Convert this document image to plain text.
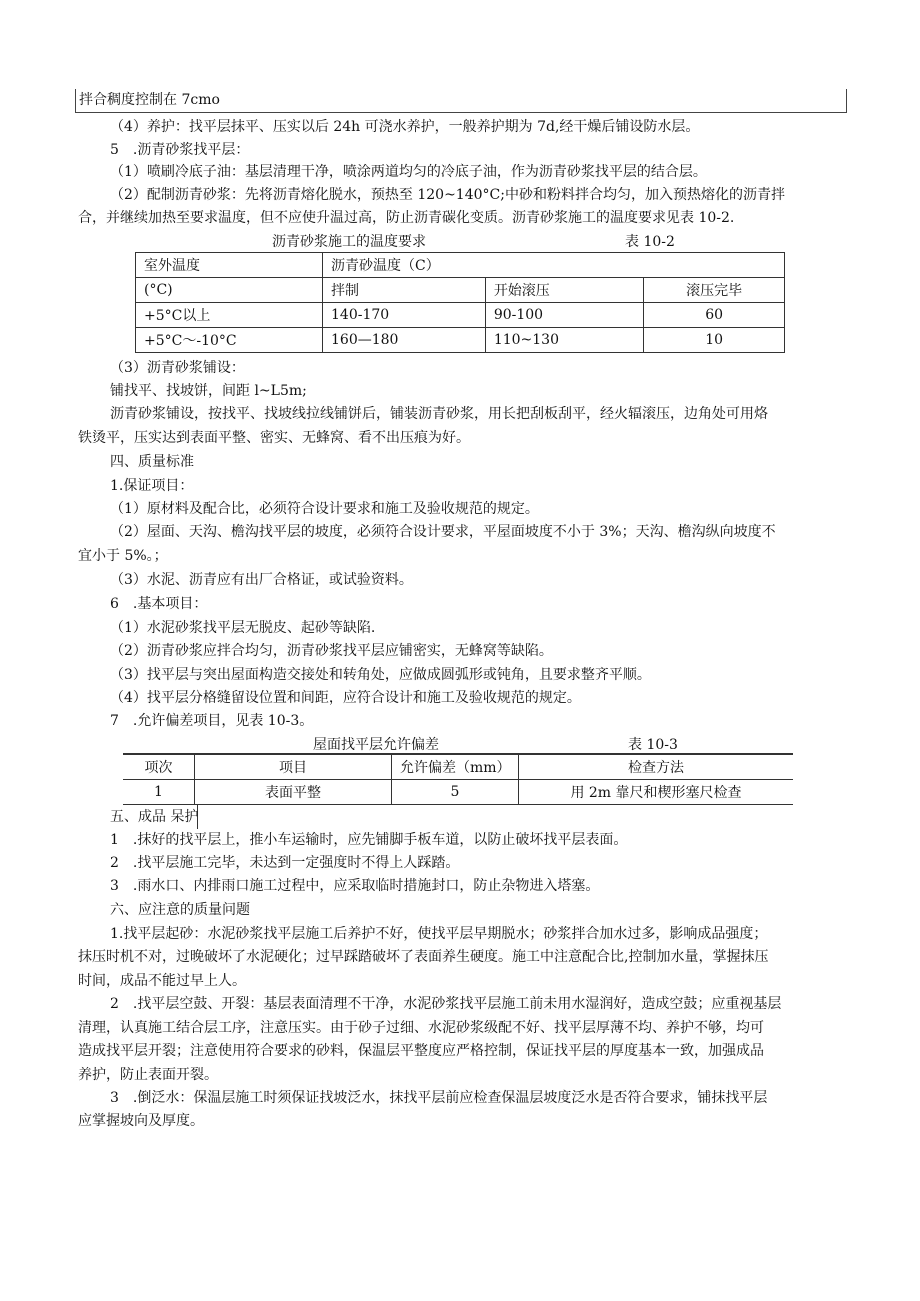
拌合稠度控制在 7cmo
（4）养护：找平层抹平、压实以后 24h 可浇水养护，一般养护期为 7d,经干燥后铺设防水层。
5　.沥青砂浆找平层：
（1）喷刷冷底子油：基层清理干净，喷涂两道均匀的冷底子油，作为沥青砂浆找平层的结合层。
（2）配制沥青砂浆：先将沥青熔化脱水，预热至 120~140°C;中砂和粉料拌合均匀，加入预热熔化的沥青拌
合，并继续加热至要求温度，但不应使升温过高，防止沥青碳化变质。沥青砂浆施工的温度要求见表 10-2.
沥青砂浆施工的温度要求	表 10-2
室外温度	沥青砂温度（C）		
(°C)	拌制	开始滚压	滚压完毕
+5°C以上	140-170	90-100	60
+5°C～-10°C	160—180	110~130	10
屋面找平层允许偏差	表 10-3
项次	项目	允许偏差（mm）	检查方法
1	表面平整	5	用 2m 靠尺和楔形塞尺检查
（3）沥青砂浆铺设：
铺找平、找坡饼，间距 l~L5m;
沥青砂浆铺设，按找平、找坡线拉线铺饼后，铺装沥青砂浆，用长把刮板刮平，经火辐滚压，边角处可用烙
铁烫平，压实达到表面平整、密实、无蜂窝、看不出压痕为好。
四、质量标准
1.保证项目：
（1）原材料及配合比，必须符合设计要求和施工及验收规范的规定。
（2）屋面、天沟、檐沟找平层的坡度，必须符合设计要求，平屋面坡度不小于 3%；天沟、檐沟纵向坡度不
宜小于 5%。；
（3）水泥、沥青应有出厂合格证，或试验资料。
6　.基本项目：
（1）水泥砂浆找平层无脱皮、起砂等缺陷.
（2）沥青砂浆应拌合均匀，沥青砂浆找平层应铺密实，无蜂窝等缺陷。
（3）找平层与突出屋面构造交接处和转角处，应做成圆弧形或钝角，且要求整齐平顺。
（4）找平层分格缝留设位置和间距，应符合设计和施工及验收规范的规定。
7　.允许偏差项目，见表 10-3。
五、成品 呆护
1　.抹好的找平层上，推小车运输时，应先铺脚手板车道，以防止破坏找平层表面。
2　.找平层施工完毕，未达到一定强度时不得上人踩踏。
3　.雨水口、内排雨口施工过程中，应采取临时措施封口，防止杂物进入塔塞。
六、应注意的质量问题
1.找平层起砂：水泥砂浆找平层施工后养护不好，使找平层早期脱水；砂浆拌合加水过多，影响成品强度；
抹压时机不对，过晚破坏了水泥硬化；过早踩踏破坏了表面养生硬度。施工中注意配合比,控制加水量，掌握抹压
时间，成品不能过早上人。
2　.找平层空鼓、开裂：基层表面清理不干净，水泥砂浆找平层施工前未用水湿润好，造成空鼓；应重视基层
清理，认真施工结合层工序，注意压实。由于砂子过细、水泥砂浆级配不好、找平层厚薄不均、养护不够，均可
造成找平层开裂；注意使用符合要求的砂料，保温层平整度应严格控制，保证找平层的厚度基本一致，加强成品
养护，防止表面开裂。
3　.倒泛水：保温层施工时须保证找坡泛水，抹找平层前应检查保温层坡度泛水是否符合要求，铺抹找平层
应掌握坡向及厚度。
